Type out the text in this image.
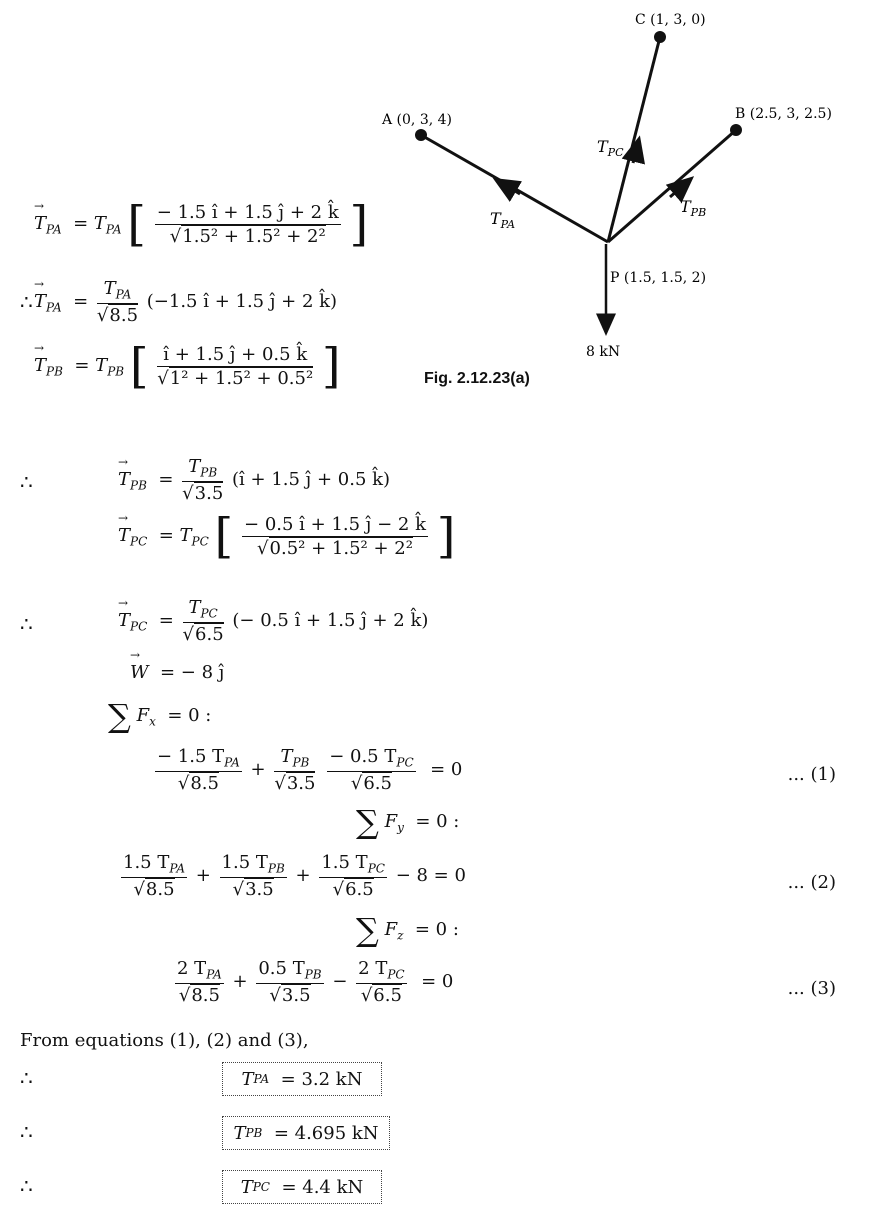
A (0, 3, 4)
C (1, 3, 0)
B (2.5, 3, 2.5)
P (1.5, 1.5, 2)
$T_{PA}$
$T_{PC}$
$T_{PB}$
8 kN
Fig. 2.12.23(a)
→ $T_{PA} = T_{PA}$ [ $\frac{- 1.5 î + 1.5 ĵ + 2 k̂}{\text{√1.5² + 1.5² + 2²}}$ ]
∴ → $T_{PA} = \frac{T_{PA}}{√8.5} (-1.5$ î + 1.5 ĵ + 2 k̂)
→ $T_{PB} = T_{PB}$ [ $\frac{î + 1.5 ĵ + 0.5 k̂}{\text{√1² + 1.5² + 0.5²}}$ ]
∴	→ $T_{PB} = \frac{T_{PB}}{√3.5}$ (î + 1.5 ĵ + 0.5 k̂)
→ $T_{PC} = T_{PC}$ [ $\frac{- 0.5 î + 1.5 ĵ - 2 k̂}{\text{√0.5² + 1.5² + 2²}}$ ]
∴	→ $T_{PC} = \frac{T_{PC}}{√6.5}$ (− 0.5 î + 1.5 ĵ + 2 k̂)
→ W  = − 8 ĵ
∑ $F_x = 0$ :
$\frac{- 1.5 T_{PA}}{√8.5} + \frac{T_{PB}}{√3.5}$
$\frac{- 0.5 T_{PC}}{√6.5} = 0$	... (1)
∑ $F_y = 0$ :
$\frac{1.5 T_{PA}}{√8.5} + \frac{1.5 T_{PB}}{√3.5} + \frac{1.5 T_{PC}}{√6.5} - 8 = 0$	... (2)
∑ $F_z = 0$ :
$\frac{2 T_{PA}}{√8.5} + \frac{0.5 T_{PB}}{√3.5} - \frac{2 T_{PC}}{√6.5} = 0$	... (3)
From equations (1), (2) and (3),
∴	T PA
= 3.2 kN
∴	T PB
= 4.695 kN
∴	T PC
= 4.4 kN
